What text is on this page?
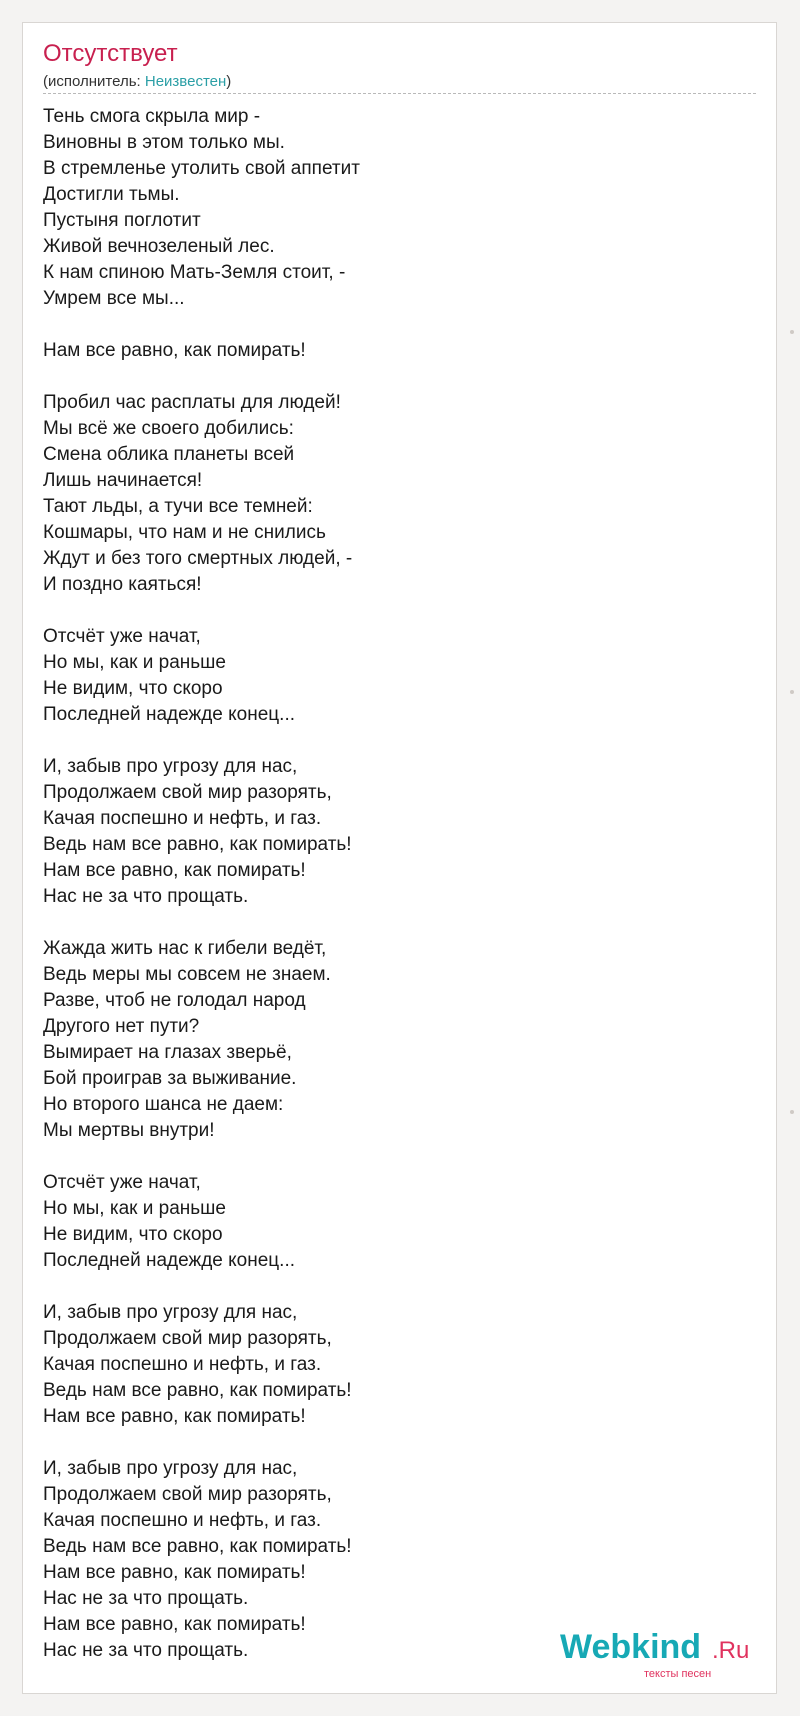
Отсутствует
(исполнитель: Неизвестен)
Тень смога скрыла мир -
Виновны в этом только мы.
В стремленье утолить свой аппетит
Достигли тьмы.
Пустыня поглотит
Живой вечнозеленый лес.
К нам спиною Мать-Земля стоит, -
Умрем все мы...
Нам все равно, как помирать!
Пробил час расплаты для людей!
Мы всё же своего добились:
Смена облика планеты всей
Лишь начинается!
Тают льды, а тучи все темней:
Кошмары, что нам и не снились
Ждут и без того смертных людей, -
И поздно каяться!
Отсчёт уже начат,
Но мы, как и раньше
Не видим, что скоро
Последней надежде конец...
И, забыв про угрозу для нас,
Продолжаем свой мир разорять,
Качая поспешно и нефть, и газ.
Ведь нам все равно, как помирать!
Нам все равно, как помирать!
Нас не за что прощать.
Жажда жить нас к гибели ведёт,
Ведь меры мы совсем не знаем.
Разве, чтоб не голодал народ
Другого нет пути?
Вымирает на глазах зверьё,
Бой проиграв за выживание.
Но второго шанса не даем:
Мы мертвы внутри!
Отсчёт уже начат,
Но мы, как и раньше
Не видим, что скоро
Последней надежде конец...
И, забыв про угрозу для нас,
Продолжаем свой мир разорять,
Качая поспешно и нефть, и газ.
Ведь нам все равно, как помирать!
Нам все равно, как помирать!
И, забыв про угрозу для нас,
Продолжаем свой мир разорять,
Качая поспешно и нефть, и газ.
Ведь нам все равно, как помирать!
Нам все равно, как помирать!
Нас не за что прощать.
Нам все равно, как помирать!
Нас не за что прощать.	Webkind .Ru
тексты песен
